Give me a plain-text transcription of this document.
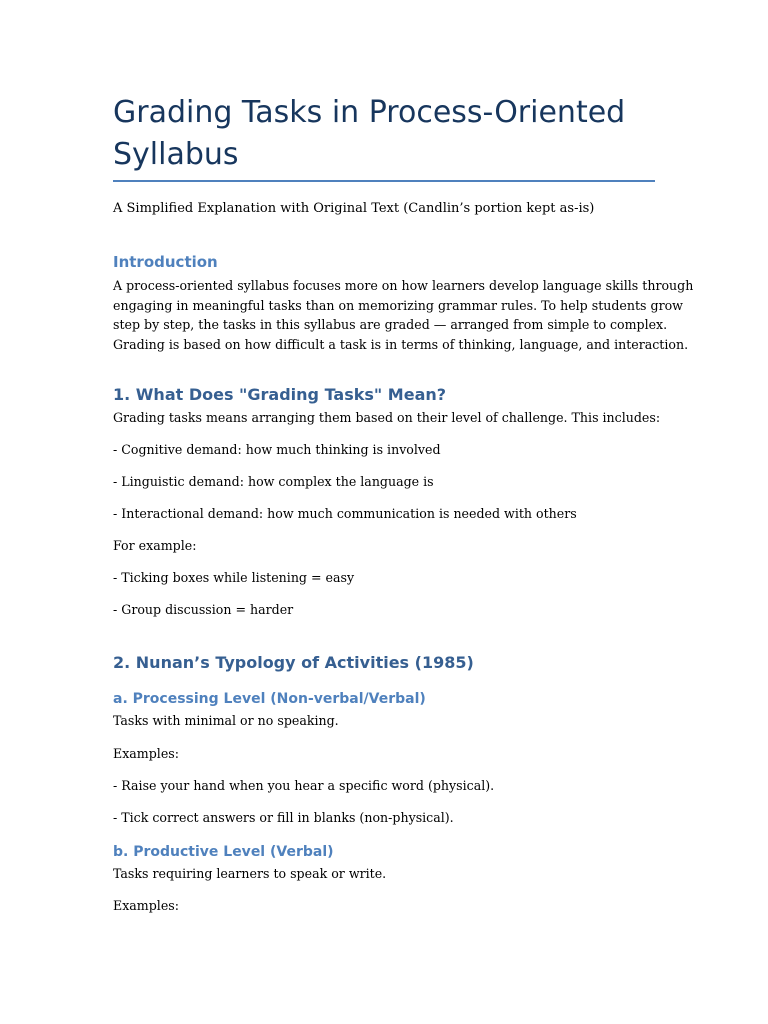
Grading Tasks in Process-Oriented Syllabus

A Simplified Explanation with Original Text (Candlin’s portion kept as-is)

Introduction
A process-oriented syllabus focuses more on how learners develop language skills through
engaging in meaningful tasks than on memorizing grammar rules. To help students grow
step by step, the tasks in this syllabus are graded — arranged from simple to complex.
Grading is based on how difficult a task is in terms of thinking, language, and interaction.
1. What Does "Grading Tasks" Mean?

Grading tasks means arranging them based on their level of challenge. This includes:

- Cognitive demand: how much thinking is involved

- Linguistic demand: how complex the language is

- Interactional demand: how much communication is needed with others

For example:

- Ticking boxes while listening = easy

- Group discussion = harder

2. Nunan’s Typology of Activities (1985)
a. Processing Level (Non-verbal/Verbal)

Tasks with minimal or no speaking.

Examples:

- Raise your hand when you hear a specific word (physical).

- Tick correct answers or fill in blanks (non-physical).

b. Productive Level (Verbal)

Tasks requiring learners to speak or write.

Examples:
